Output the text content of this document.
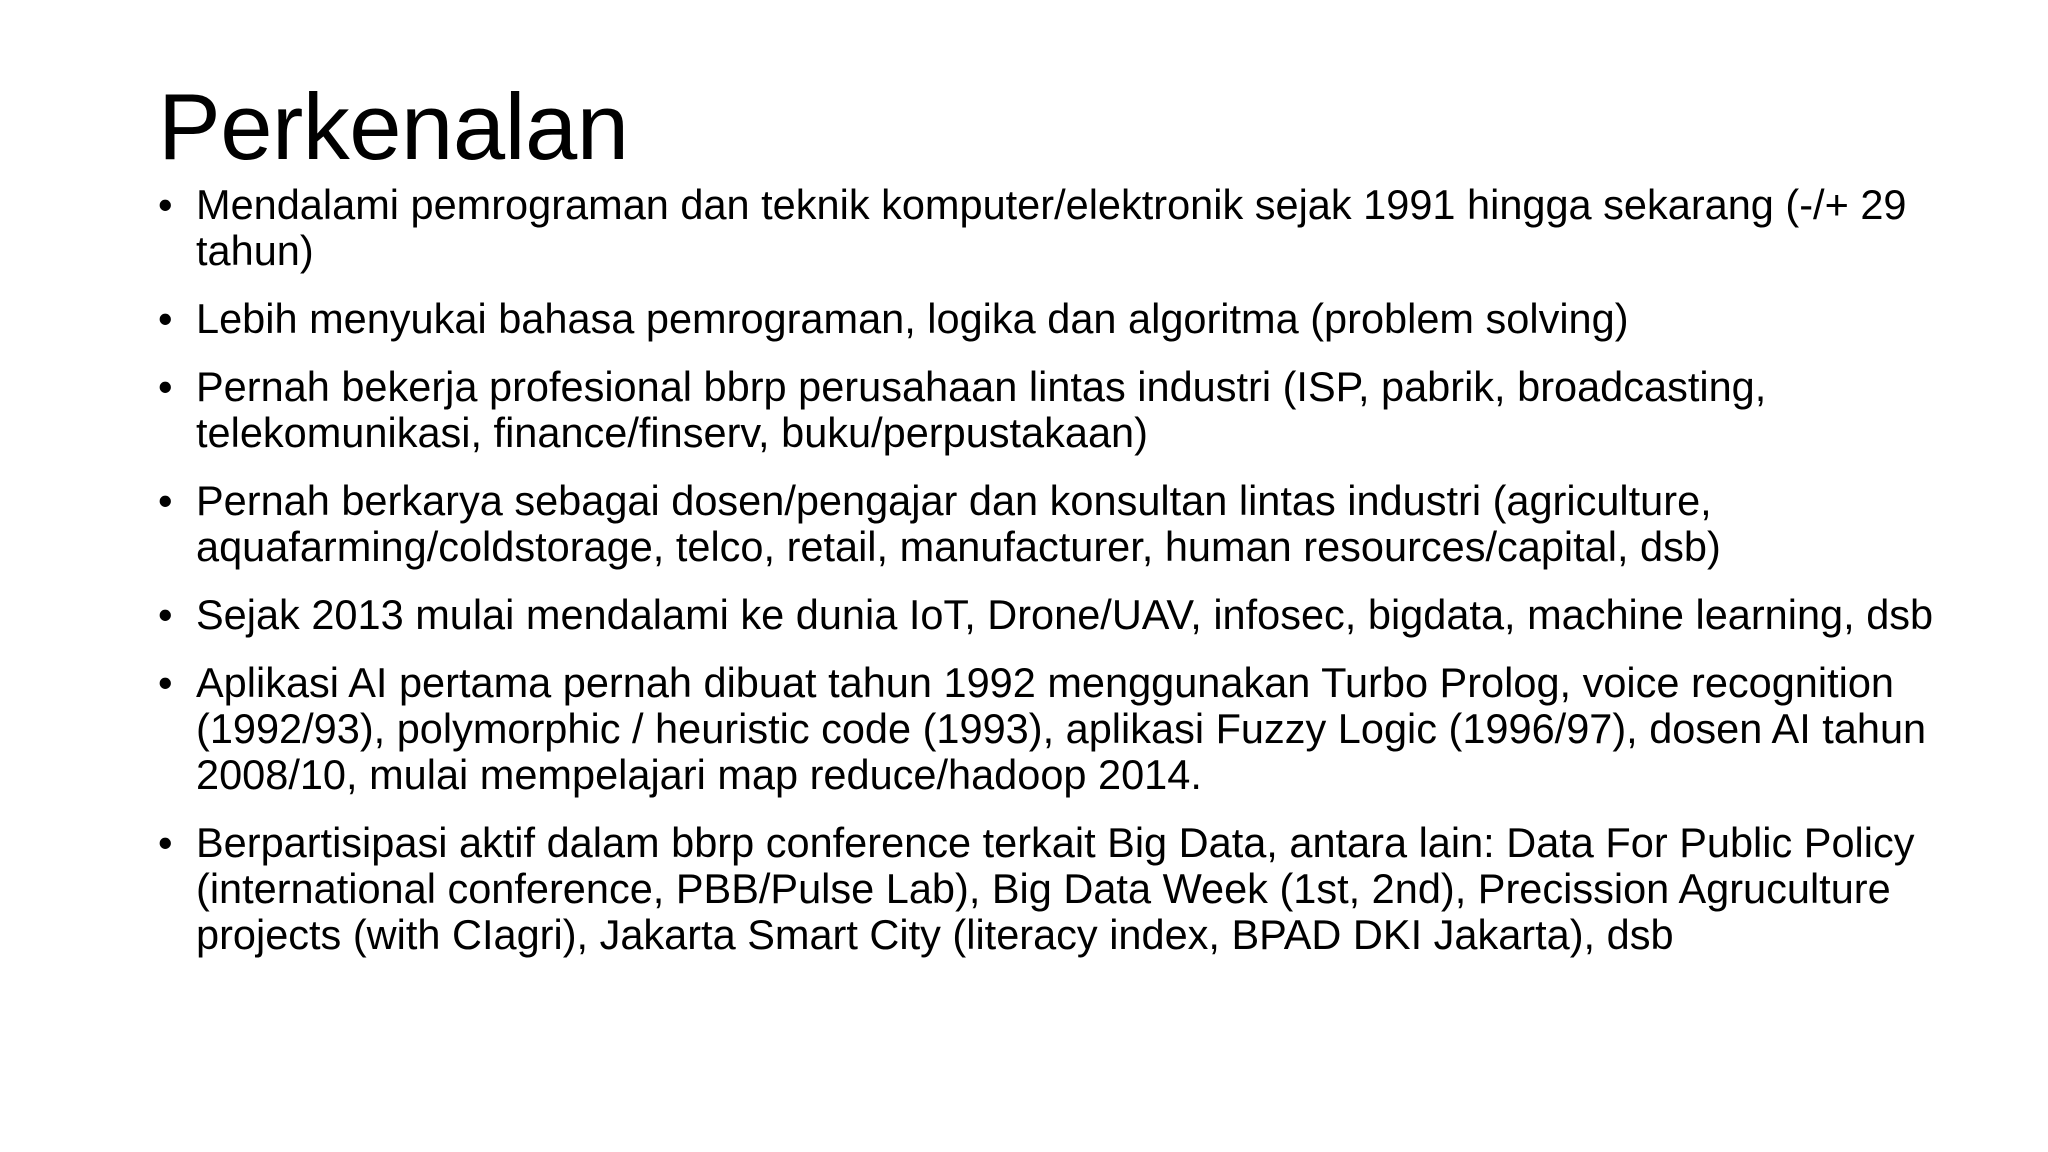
Perkenalan
• Mendalami pemrograman dan teknik komputer/elektronik sejak 1991 hingga sekarang (-/+ 29 tahun)
• Lebih menyukai bahasa pemrograman, logika dan algoritma (problem solving)
• Pernah bekerja profesional bbrp perusahaan lintas industri (ISP, pabrik, broadcasting, telekomunikasi, finance/finserv, buku/perpustakaan)
• Pernah berkarya sebagai dosen/pengajar dan konsultan lintas industri (agriculture, aquafarming/coldstorage, telco, retail, manufacturer, human resources/capital, dsb)
• Sejak 2013 mulai mendalami ke dunia IoT, Drone/UAV, infosec, bigdata, machine learning, dsb
• Aplikasi AI pertama pernah dibuat tahun 1992 menggunakan Turbo Prolog, voice recognition (1992/93), polymorphic / heuristic code (1993), aplikasi Fuzzy Logic (1996/97), dosen AI tahun 2008/10, mulai mempelajari map reduce/hadoop 2014.
• Berpartisipasi aktif dalam bbrp conference terkait Big Data, antara lain: Data For Public Policy (international conference, PBB/Pulse Lab), Big Data Week (1st, 2nd), Precission Agruculture projects (with CIagri), Jakarta Smart City (literacy index, BPAD DKI Jakarta), dsb
